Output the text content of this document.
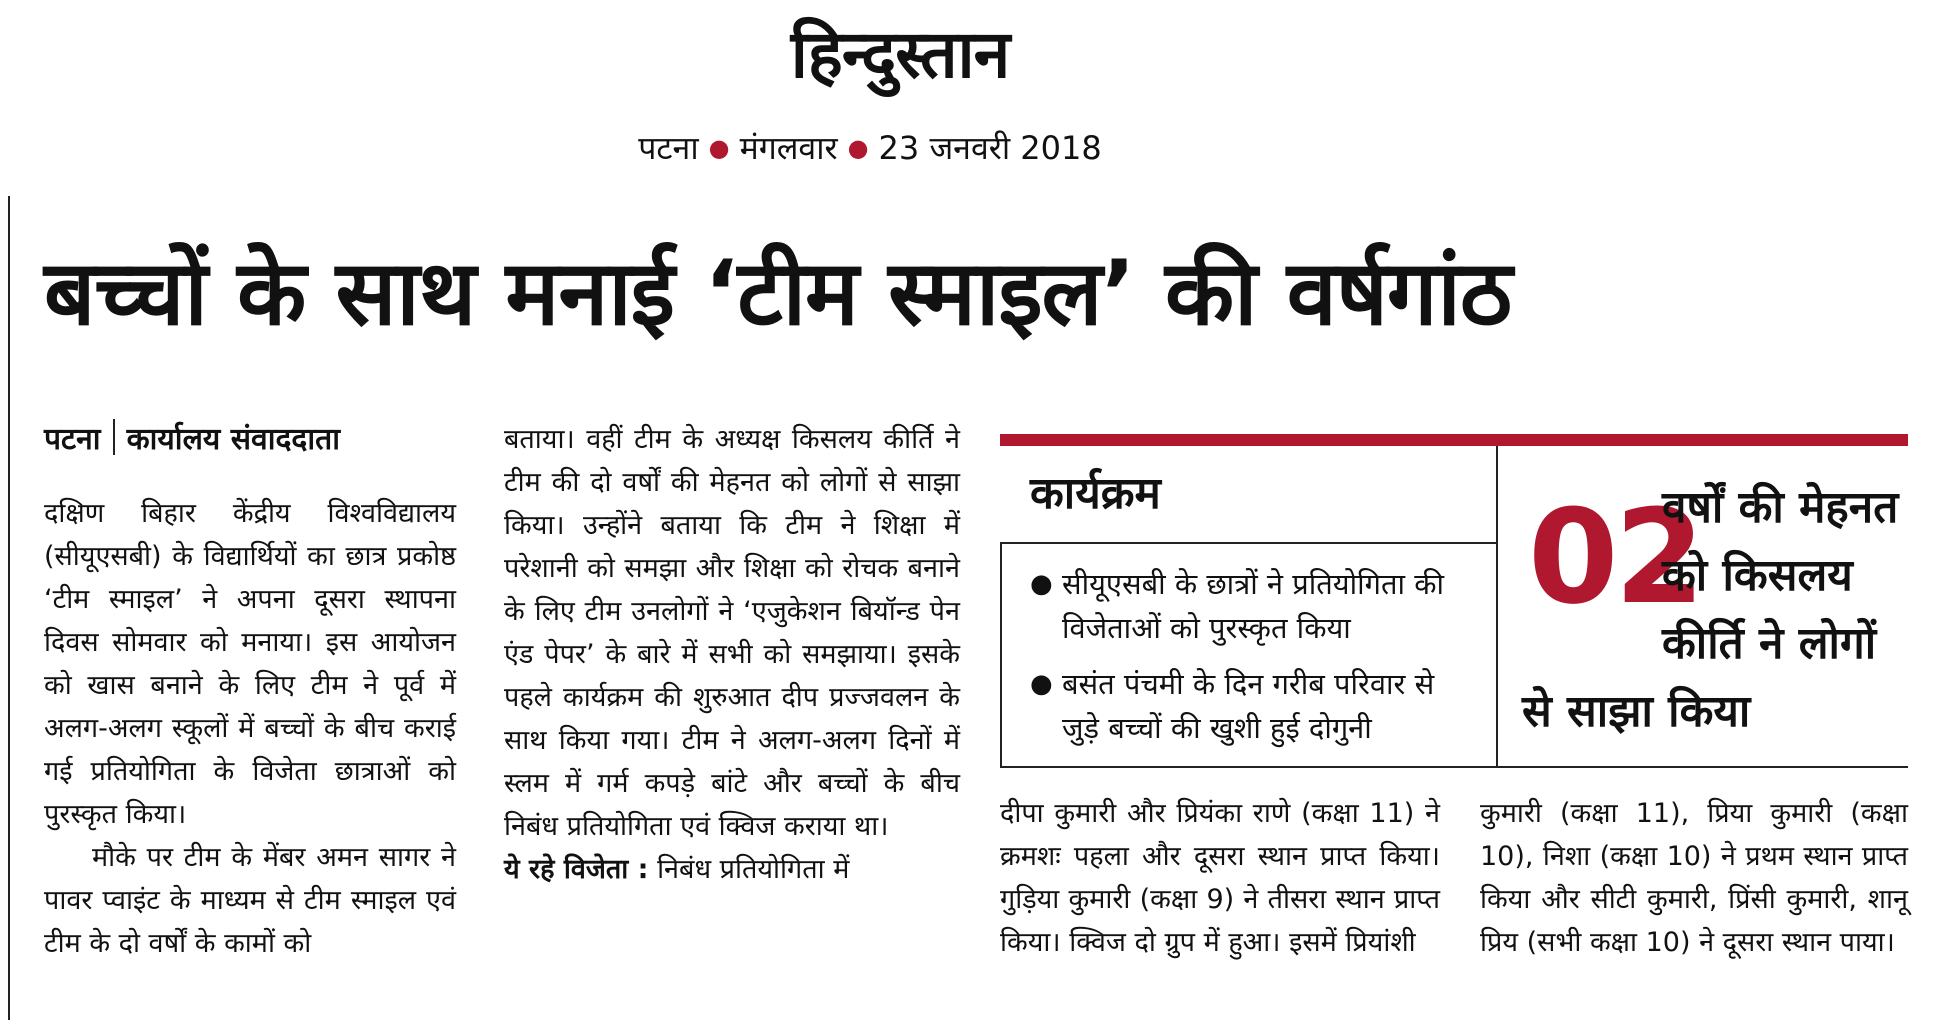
हिन्दुस्तान
पटना ● मंगलवार ● 23 जनवरी 2018
बच्चों के साथ मनाई ‘टीम स्माइल’ की वर्षगांठ
पटना कार्यालय संवाददाता

दक्षिण बिहार केंद्रीय विश्वविद्यालय (सीयूएसबी) के विद्यार्थियों का छात्र प्रकोष्ठ ‘टीम स्माइल’ ने अपना दूसरा स्थापना दिवस सोमवार को मनाया। इस आयोजन को खास बनाने के लिए टीम ने पूर्व में अलग-अलग स्कूलों में बच्चों के बीच कराई गई प्रतियोगिता के विजेता छात्राओं को पुरस्कृत किया।

मौके पर टीम के मेंबर अमन सागर ने पावर प्वाइंट के माध्यम से टीम स्माइल एवं टीम के दो वर्षों के कामों को

बताया। वहीं टीम के अध्यक्ष किसलय कीर्ति ने टीम की दो वर्षों की मेहनत को लोगों से साझा किया। उन्होंने बताया कि टीम ने शिक्षा में परेशानी को समझा और शिक्षा को रोचक बनाने के लिए टीम उनलोगों ने ‘एजुकेशन बियॉन्ड पेन एंड पेपर’ के बारे में सभी को समझाया। इसके पहले कार्यक्रम की शुरुआत दीप प्रज्जवलन के साथ किया गया। टीम ने अलग-अलग दिनों में स्लम में गर्म कपड़े बांटे और बच्चों के बीच निबंध प्रतियोगिता एवं क्विज कराया था।

ये रहे विजेता : निबंध प्रतियोगिता में

कार्यक्रम
● सीयूएसबी के छात्रों ने प्रतियोगिता की विजेताओं को पुरस्कृत किया
● बसंत पंचमी के दिन गरीब परिवार से जुड़े बच्चों की खुशी हुई दोगुनी
02
वर्षों की मेहनत
को किसलय
कीर्ति ने लोगों
से साझा किया

दीपा कुमारी और प्रियंका राणे (कक्षा 11) ने क्रमशः पहला और दूसरा स्थान प्राप्त किया। गुड़िया कुमारी (कक्षा 9) ने तीसरा स्थान प्राप्त किया। क्विज दो ग्रुप में हुआ। इसमें प्रियांशी

कुमारी (कक्षा 11), प्रिया कुमारी (कक्षा 10), निशा (कक्षा 10) ने प्रथम स्थान प्राप्त किया और सीटी कुमारी, प्रिंसी कुमारी, शानू प्रिय (सभी कक्षा 10) ने दूसरा स्थान पाया।
